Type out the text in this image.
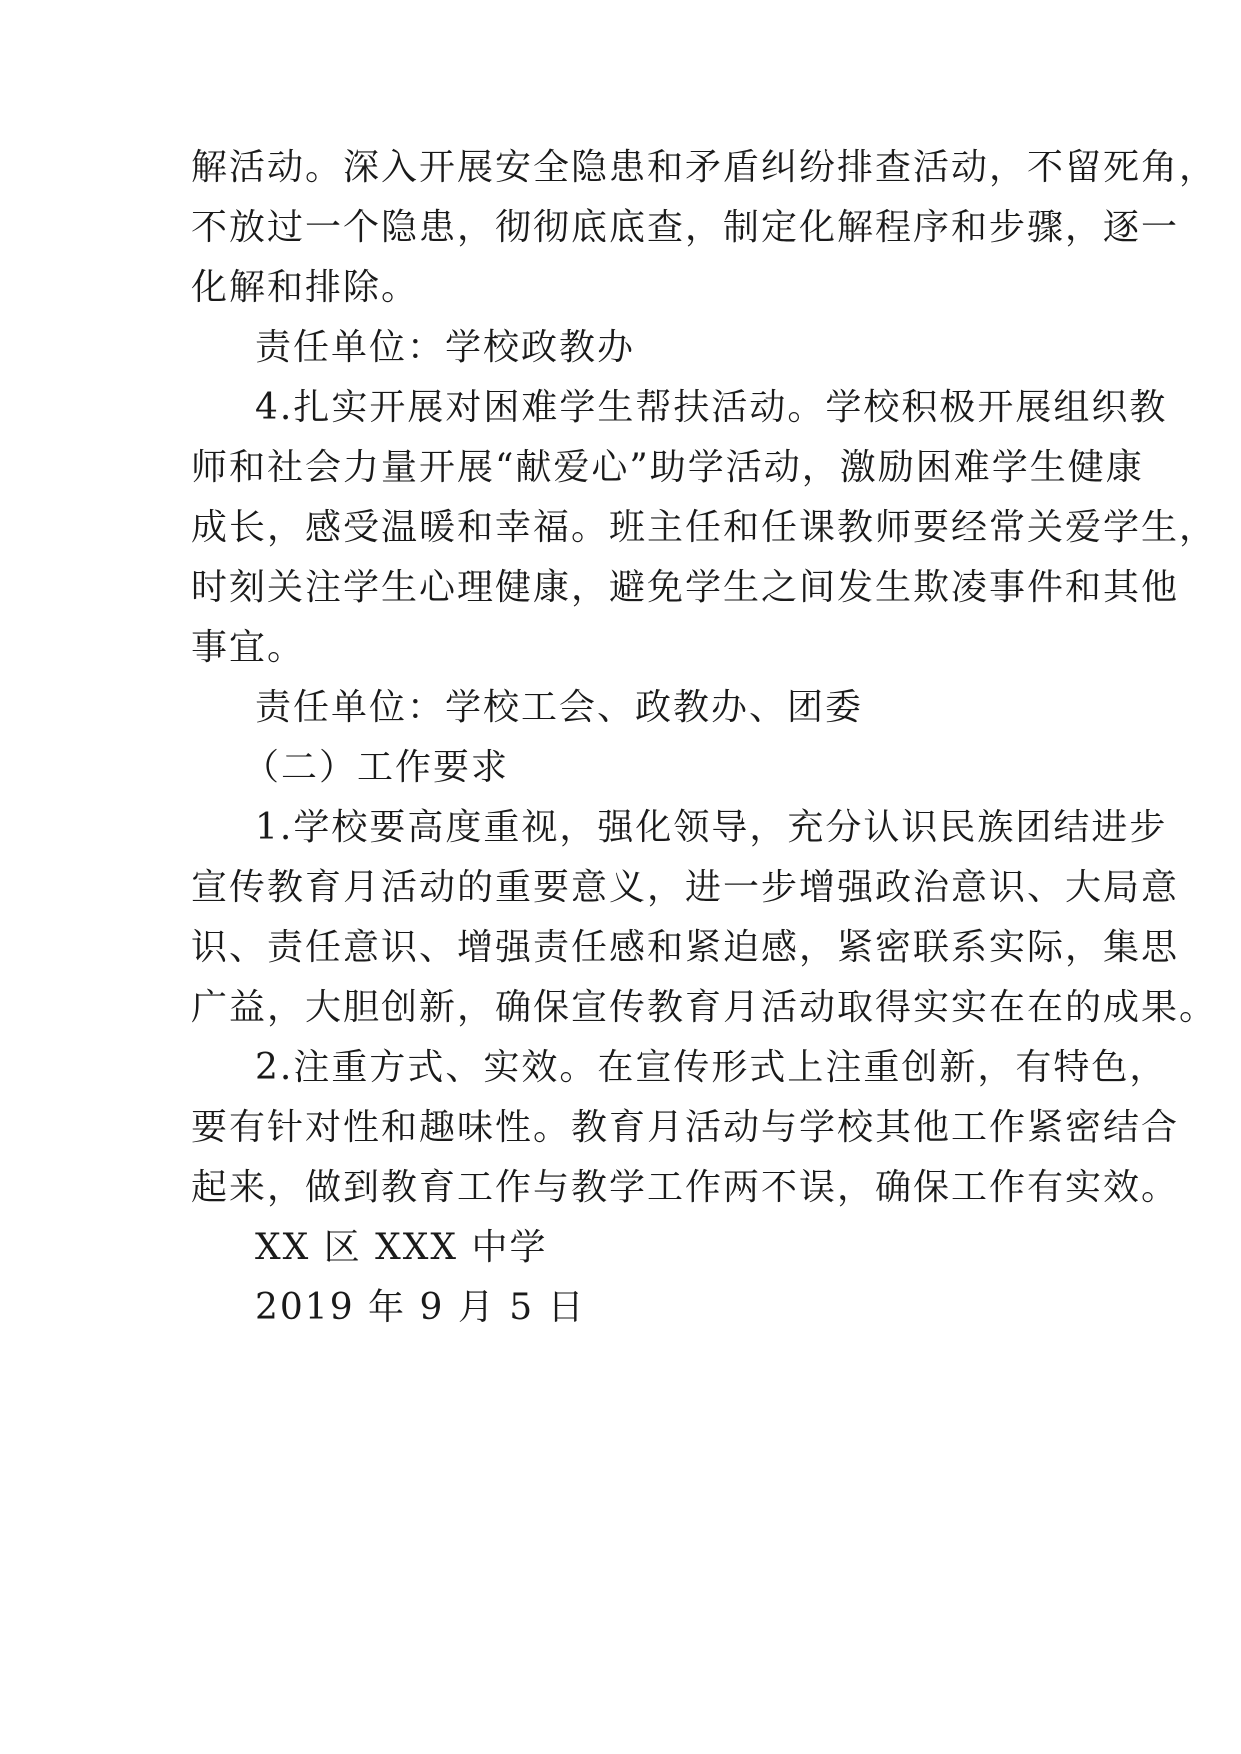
解活动。深入开展安全隐患和矛盾纠纷排查活动，不留死角，
不放过一个隐患，彻彻底底查，制定化解程序和步骤，逐一
化解和排除。
责任单位：学校政教办
4.扎实开展对困难学生帮扶活动。学校积极开展组织教
师和社会力量开展“献爱心”助学活动，激励困难学生健康
成长，感受温暖和幸福。班主任和任课教师要经常关爱学生，
时刻关注学生心理健康，避免学生之间发生欺凌事件和其他
事宜。
责任单位：学校工会、政教办、团委
（二）工作要求
1.学校要高度重视，强化领导，充分认识民族团结进步
宣传教育月活动的重要意义，进一步增强政治意识、大局意
识、责任意识、增强责任感和紧迫感，紧密联系实际，集思
广益，大胆创新，确保宣传教育月活动取得实实在在的成果。
2.注重方式、实效。在宣传形式上注重创新，有特色，
要有针对性和趣味性。教育月活动与学校其他工作紧密结合
起来，做到教育工作与教学工作两不误，确保工作有实效。
XX 区 XXX 中学
2019 年 9 月 5 日
